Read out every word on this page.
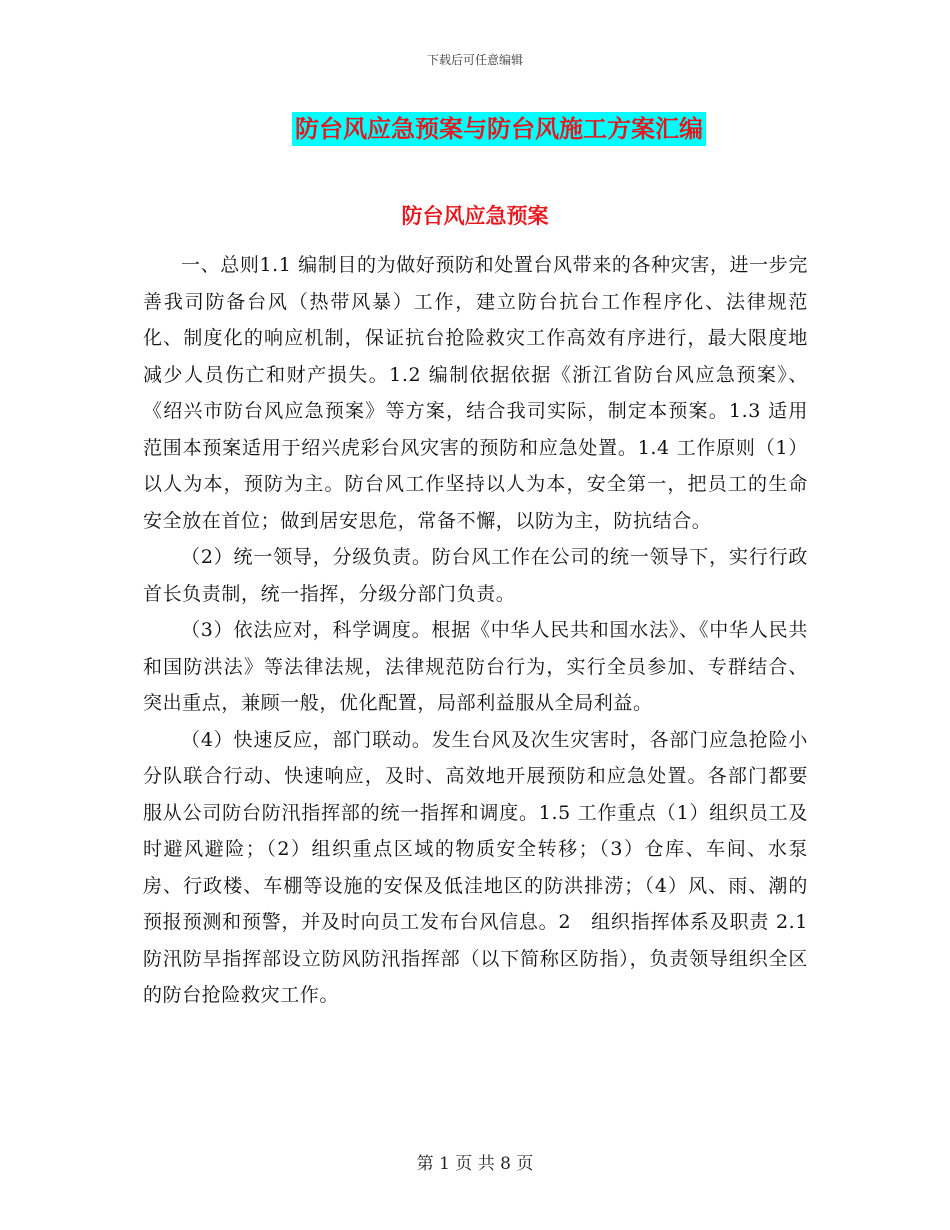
下载后可任意编辑
防台风应急预案与防台风施工方案汇编
防台风应急预案

一、总则1.1 编制目的为做好预防和处置台风带来的各种灾害，进一步完善我司防备台风（热带风暴）工作，建立防台抗台工作程序化、法律规范化、制度化的响应机制，保证抗台抢险救灾工作高效有序进行，最大限度地减少人员伤亡和财产损失。1.2 编制依据依据《浙江省防台风应急预案》、《绍兴市防台风应急预案》等方案，结合我司实际，制定本预案。1.3 适用范围本预案适用于绍兴虎彩台风灾害的预防和应急处置。1.4 工作原则（1）以人为本，预防为主。防台风工作坚持以人为本，安全第一，把员工的生命安全放在首位；做到居安思危，常备不懈，以防为主，防抗结合。

（2）统一领导，分级负责。防台风工作在公司的统一领导下，实行行政首长负责制，统一指挥，分级分部门负责。

（3）依法应对，科学调度。根据《中华人民共和国水法》、《中华人民共和国防洪法》等法律法规，法律规范防台行为，实行全员参加、专群结合、突出重点，兼顾一般，优化配置，局部利益服从全局利益。

（4）快速反应，部门联动。发生台风及次生灾害时，各部门应急抢险小分队联合行动、快速响应，及时、高效地开展预防和应急处置。各部门都要服从公司防台防汛指挥部的统一指挥和调度。1.5 工作重点（1）组织员工及时避风避险；（2）组织重点区域的物质安全转移；（3）仓库、车间、水泵房、行政楼、车棚等设施的安保及低洼地区的防洪排涝；（4）风、雨、潮的预报预测和预警，并及时向员工发布台风信息。2　组织指挥体系及职责 2.1防汛防旱指挥部设立防风防汛指挥部（以下简称区防指），负责领导组织全区的防台抢险救灾工作。

第 1 页 共 8 页
